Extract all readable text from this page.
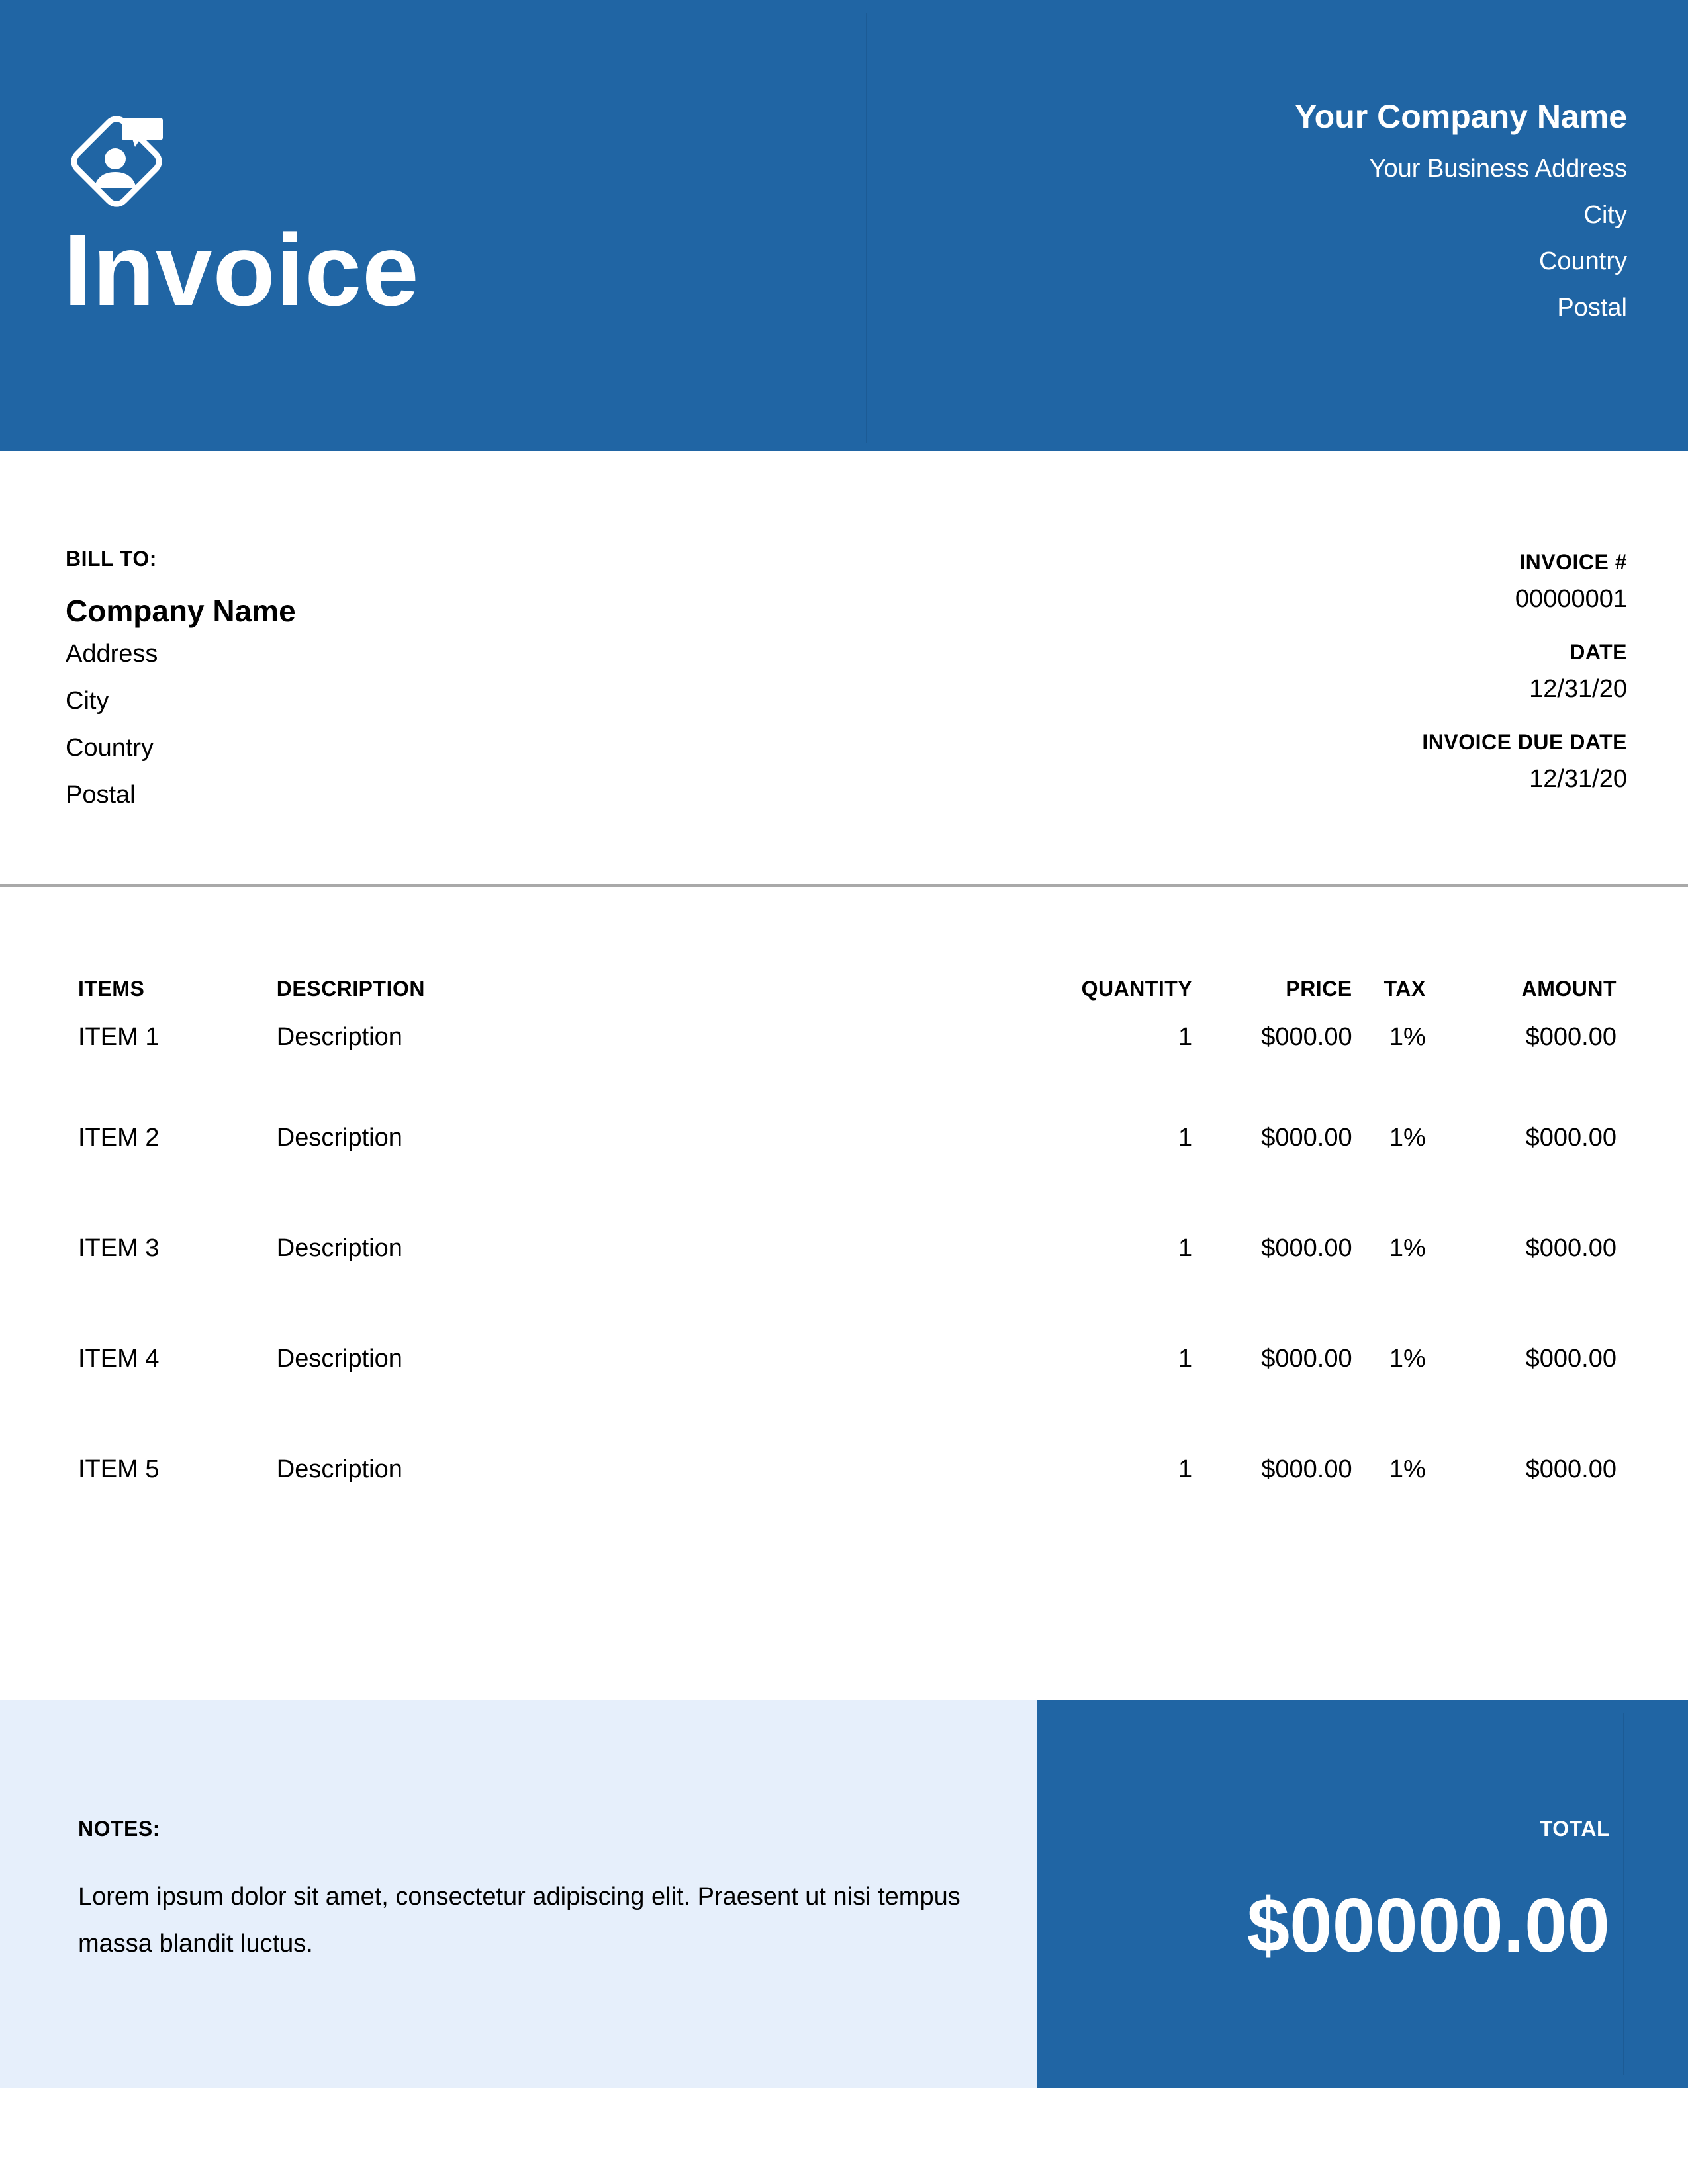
Invoice
Your Company Name
Your Business Address
City
Country
Postal
BILL TO:
Company Name
Address
City
Country
Postal
INVOICE #
00000001
DATE
12/31/20
INVOICE DUE DATE
12/31/20
ITEMS	DESCRIPTION	QUANTITY	PRICE	TAX	AMOUNT
ITEM 1	Description	1	$000.00	1%	$000.00
ITEM 2	Description	1	$000.00	1%	$000.00
ITEM 3	Description	1	$000.00	1%	$000.00
ITEM 4	Description	1	$000.00	1%	$000.00
ITEM 5	Description	1	$000.00	1%	$000.00
NOTES:
Lorem ipsum dolor sit amet, consectetur adipiscing elit. Praesent ut nisi tempus massa blandit luctus.
TOTAL
$00000.00
